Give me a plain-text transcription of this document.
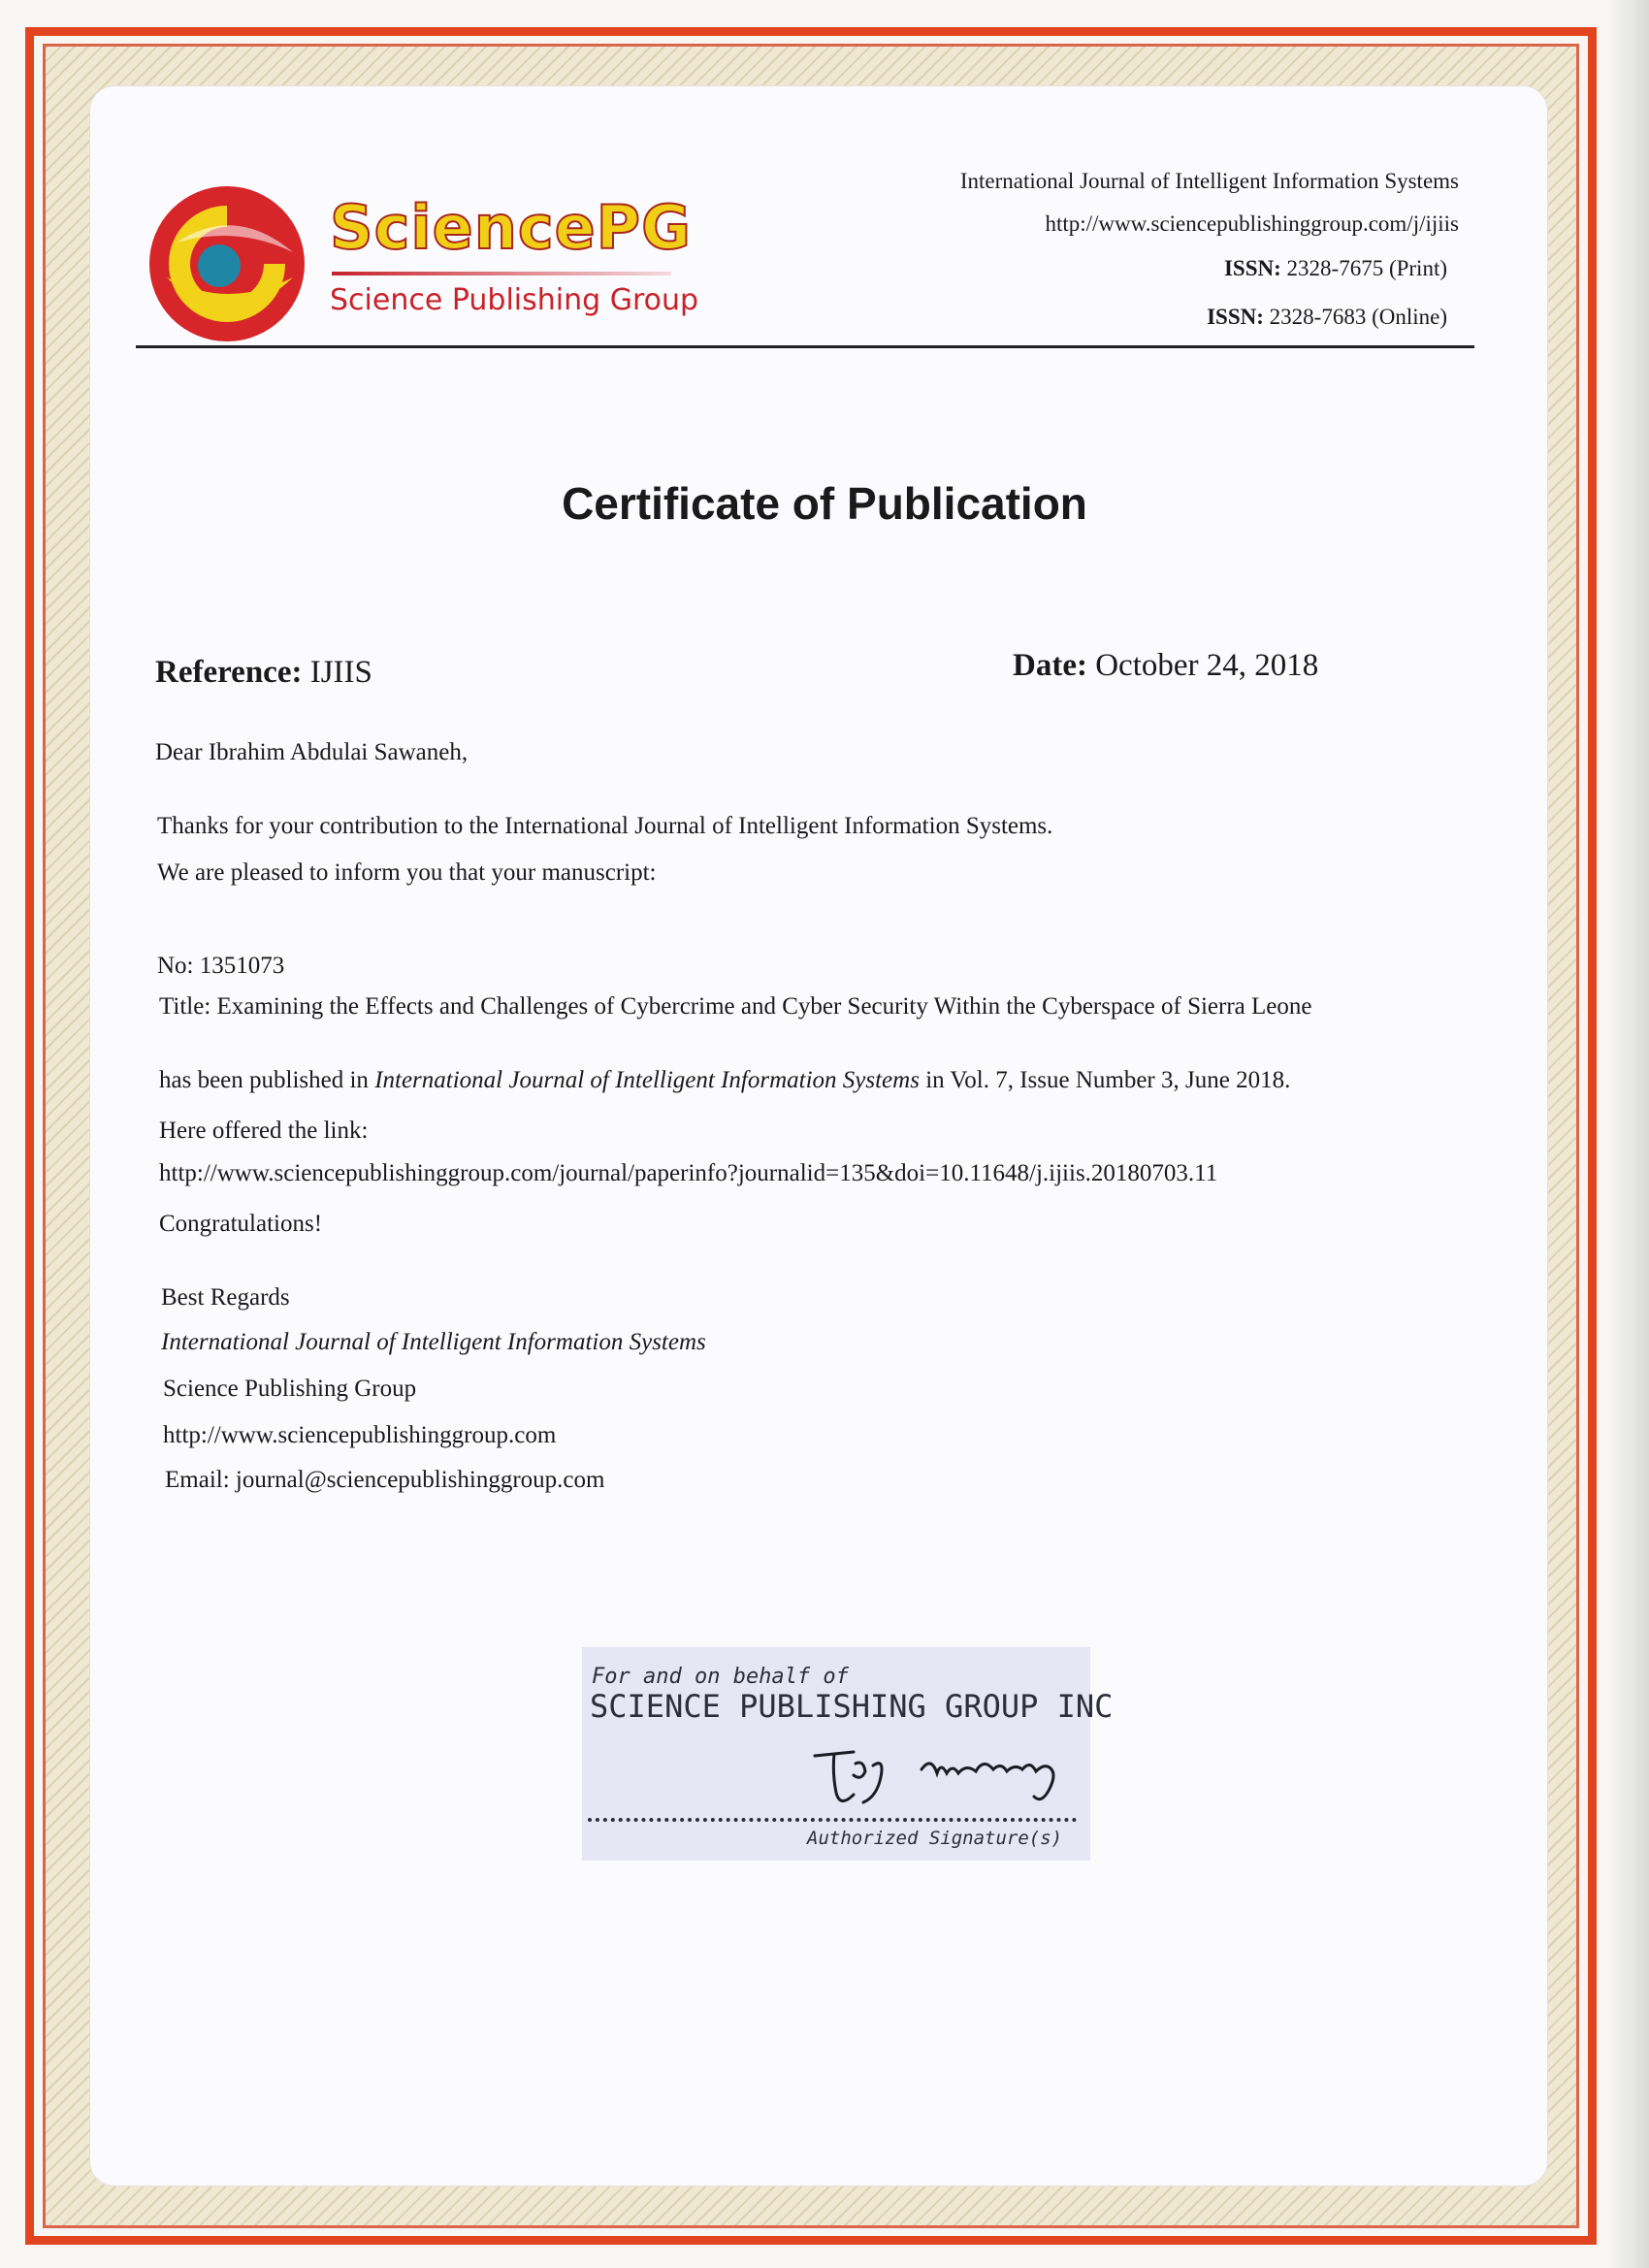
SciencePG
Science Publishing Group
International Journal of Intelligent Information Systems
http://www.sciencepublishinggroup.com/j/ijiis
ISSN: 2328-7675 (Print)
ISSN: 2328-7683 (Online)
Certificate of Publication
Reference: IJIIS	Date: October 24, 2018
Dear Ibrahim Abdulai Sawaneh,
Thanks for your contribution to the International Journal of Intelligent Information Systems.
We are pleased to inform you that your manuscript:
No: 1351073
Title: Examining the Effects and Challenges of Cybercrime and Cyber Security Within the Cyberspace of Sierra Leone
has been published in International Journal of Intelligent Information Systems in Vol. 7, Issue Number 3, June 2018.
Here offered the link:
http://www.sciencepublishinggroup.com/journal/paperinfo?journalid=135&doi=10.11648/j.ijiis.20180703.11
Congratulations!
Best Regards
International Journal of Intelligent Information Systems
Science Publishing Group
http://www.sciencepublishinggroup.com
Email: journal@sciencepublishinggroup.com
For and on behalf of
SCIENCE PUBLISHING GROUP INC
Authorized Signature(s)
